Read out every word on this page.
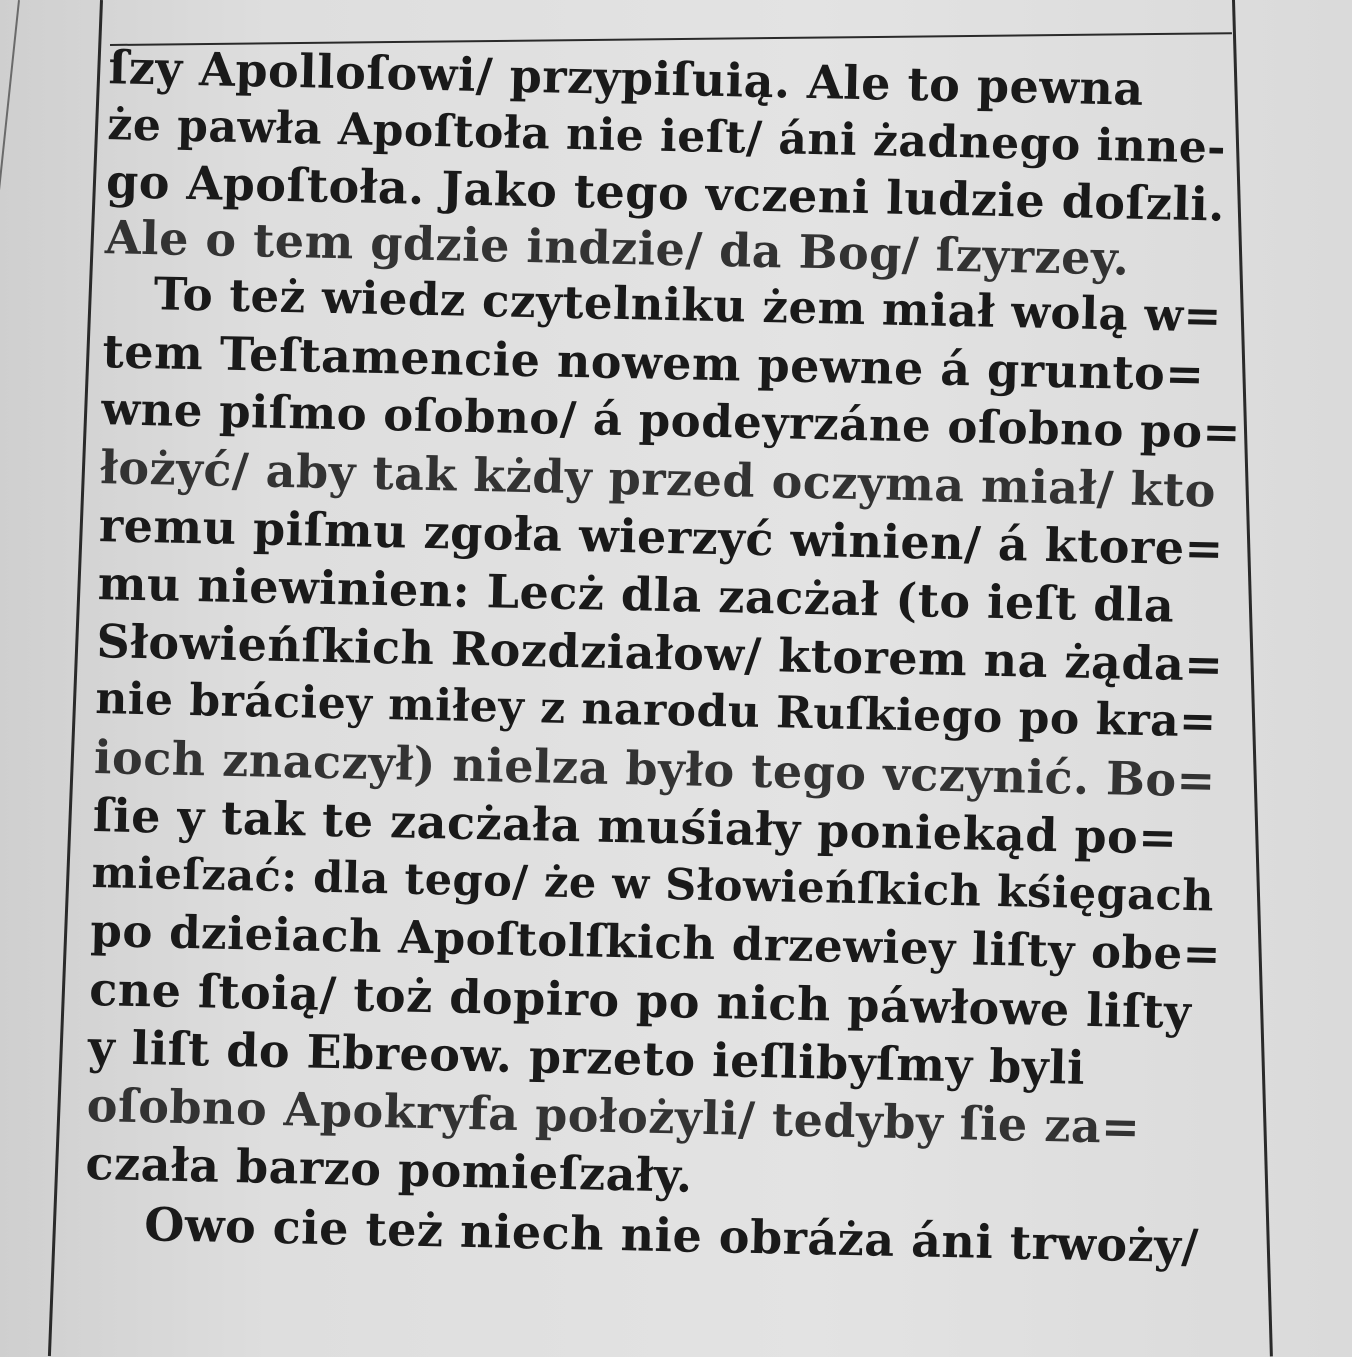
ſzy Apolloſowi/ przypiſuią. Ale to pewna
że pawła Apoſtoła nie ieſt/ áni żadnego inne-
go Apoſtoła. Jako tego vczeni ludzie doſzli.
Ale o tem gdzie indzie/ da Bog/ ſzyrzey.
To też wiedz czytelniku żem miał wolą w=
tem Teſtamencie nowem pewne á grunto=
wne piſmo oſobno/ á podeyrzáne oſobno po=
łożyć/ aby tak kżdy przed oczyma miał/ kto
remu piſmu zgoła wierzyć winien/ á ktore=
mu niewinien: Lecż dla zacżał (to ieſt dla
Słowieńſkich Rozdziałow/ ktorem na żąda=
nie bráciey miłey z narodu Ruſkiego po kra=
ioch znaczył) nielza było tego vczynić. Bo=
ſie y tak te zacżała muśiały poniekąd po=
mieſzać: dla tego/ że w Słowieńſkich kśięgach
po dzieiach Apoſtolſkich drzewiey liſty obe=
cne ſtoią/ toż dopiro po nich páwłowe liſty
y liſt do Ebreow. przeto ieſlibyſmy byli
oſobno Apokryfa położyli/ tedyby ſie za=
czała barzo pomieſzały.
Owo cie też niech nie obráża áni trwoży/
